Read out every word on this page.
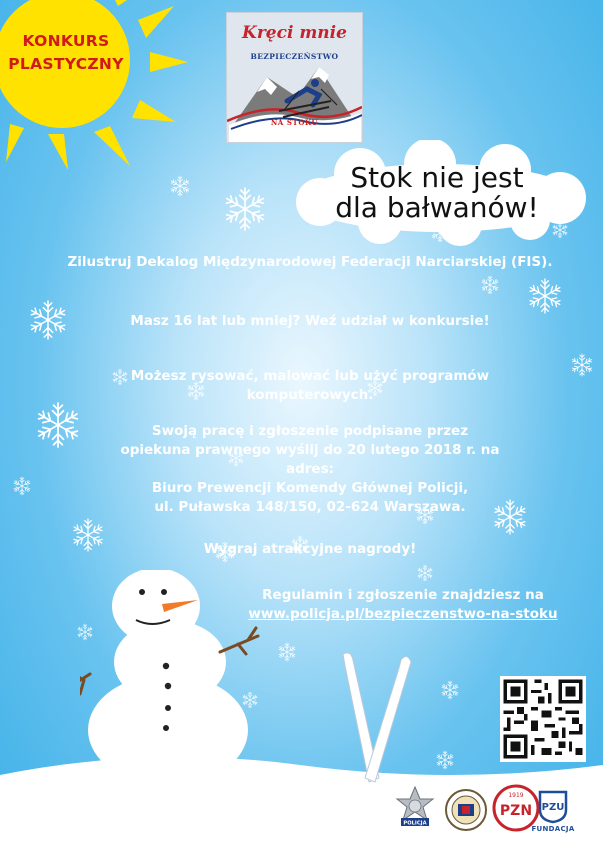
KONKURS
PLASTYCZNY
Kręci mnie
BEZPIECZEŃSTWO
NA STOKU
Stok nie jest
dla bałwanów!
Zilustruj Dekalog Międzynarodowej Federacji Narciarskiej (FIS).
Masz 16 lat lub mniej? Weź udział w konkursie!
Możesz rysować, malować lub użyć programów
komputerowych.
Swoją pracę i zgłoszenie podpisane przez
opiekuna prawnego wyślij do 20 lutego 2018 r. na
adres:
Biuro Prewencji Komendy Głównej Policji,
ul. Puławska 148/150, 02-624 Warszawa.
Wygraj atrakcyjne nagrody!
Regulamin i zgłoszenie znajdziesz na
www.policja.pl/bezpieczenstwo-na-stoku
POLICJA
1919
PZN PZU
FUNDACJA
